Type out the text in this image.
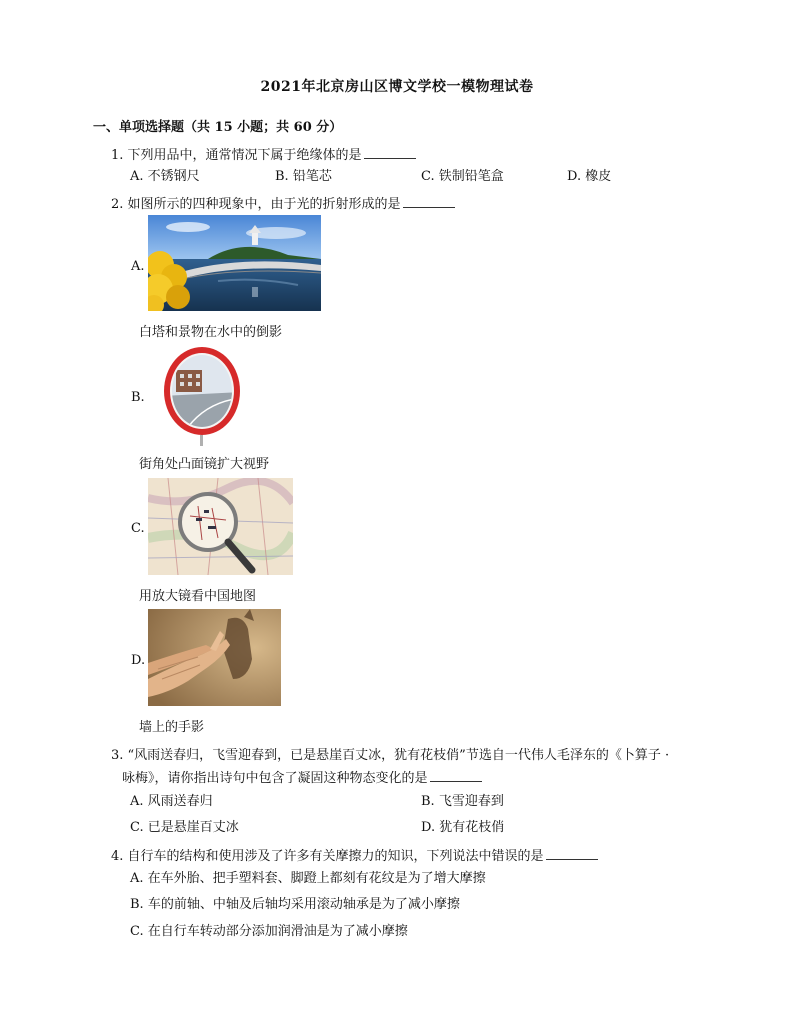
2021年北京房山区博文学校一模物理试卷
一、单项选择题（共 15 小题；共 60 分）
1. 下列用品中，通常情况下属于绝缘体的是
A. 不锈钢尺	B. 铅笔芯	C. 铁制铅笔盒	D. 橡皮
2. 如图所示的四种现象中，由于光的折射形成的是
A.
白塔和景物在水中的倒影
B.
街角处凸面镜扩大视野
C.
用放大镜看中国地图
D.
墙上的手影
3. “风雨送春归，飞雪迎春到，已是悬崖百丈冰，犹有花枝俏”节选自一代伟人毛泽东的《卜算子 ·
咏梅》，请你指出诗句中包含了凝固这种物态变化的是
A. 风雨送春归	B. 飞雪迎春到
C. 已是悬崖百丈冰	D. 犹有花枝俏
4. 自行车的结构和使用涉及了许多有关摩擦力的知识，下列说法中错误的是
A. 在车外胎、把手塑料套、脚蹬上都刻有花纹是为了增大摩擦
B. 车的前轴、中轴及后轴均采用滚动轴承是为了减小摩擦
C. 在自行车转动部分添加润滑油是为了减小摩擦
